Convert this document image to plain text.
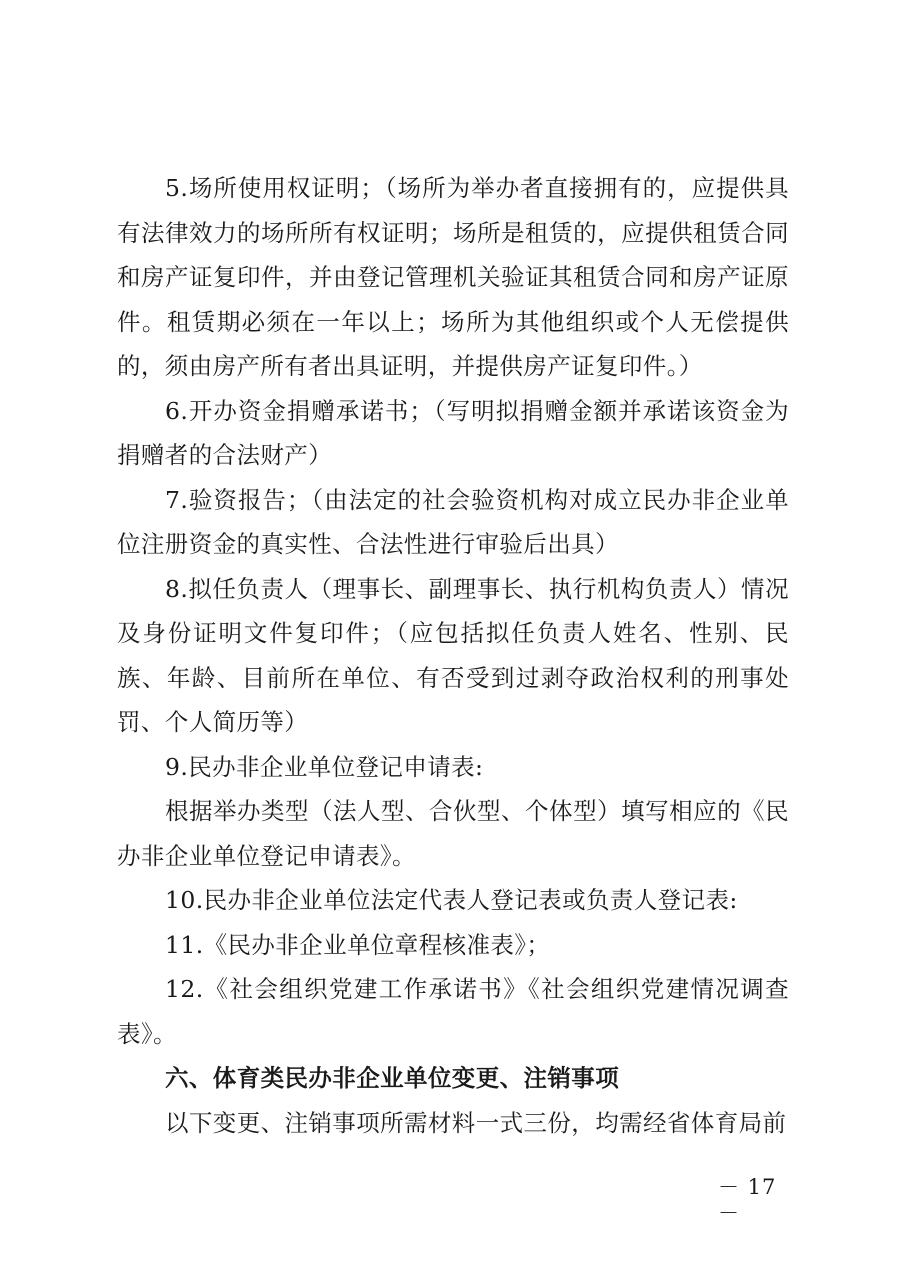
5.场所使用权证明；（场所为举办者直接拥有的，应提供具有法律效力的场所所有权证明；场所是租赁的，应提供租赁合同和房产证复印件，并由登记管理机关验证其租赁合同和房产证原件。租赁期必须在一年以上；场所为其他组织或个人无偿提供的，须由房产所有者出具证明，并提供房产证复印件。）

6.开办资金捐赠承诺书；（写明拟捐赠金额并承诺该资金为捐赠者的合法财产）

7.验资报告；（由法定的社会验资机构对成立民办非企业单位注册资金的真实性、合法性进行审验后出具）

8.拟任负责人（理事长、副理事长、执行机构负责人）情况及身份证明文件复印件；（应包括拟任负责人姓名、性别、民族、年龄、目前所在单位、有否受到过剥夺政治权利的刑事处罚、个人简历等）

9.民办非企业单位登记申请表:

根据举办类型（法人型、合伙型、个体型）填写相应的《民办非企业单位登记申请表》。

10.民办非企业单位法定代表人登记表或负责人登记表:

11.《民办非企业单位章程核准表》；

12.《社会组织党建工作承诺书》《社会组织党建情况调查表》。

六、体育类民办非企业单位变更、注销事项

以下变更、注销事项所需材料一式三份，均需经省体育局前

－ 17 －
